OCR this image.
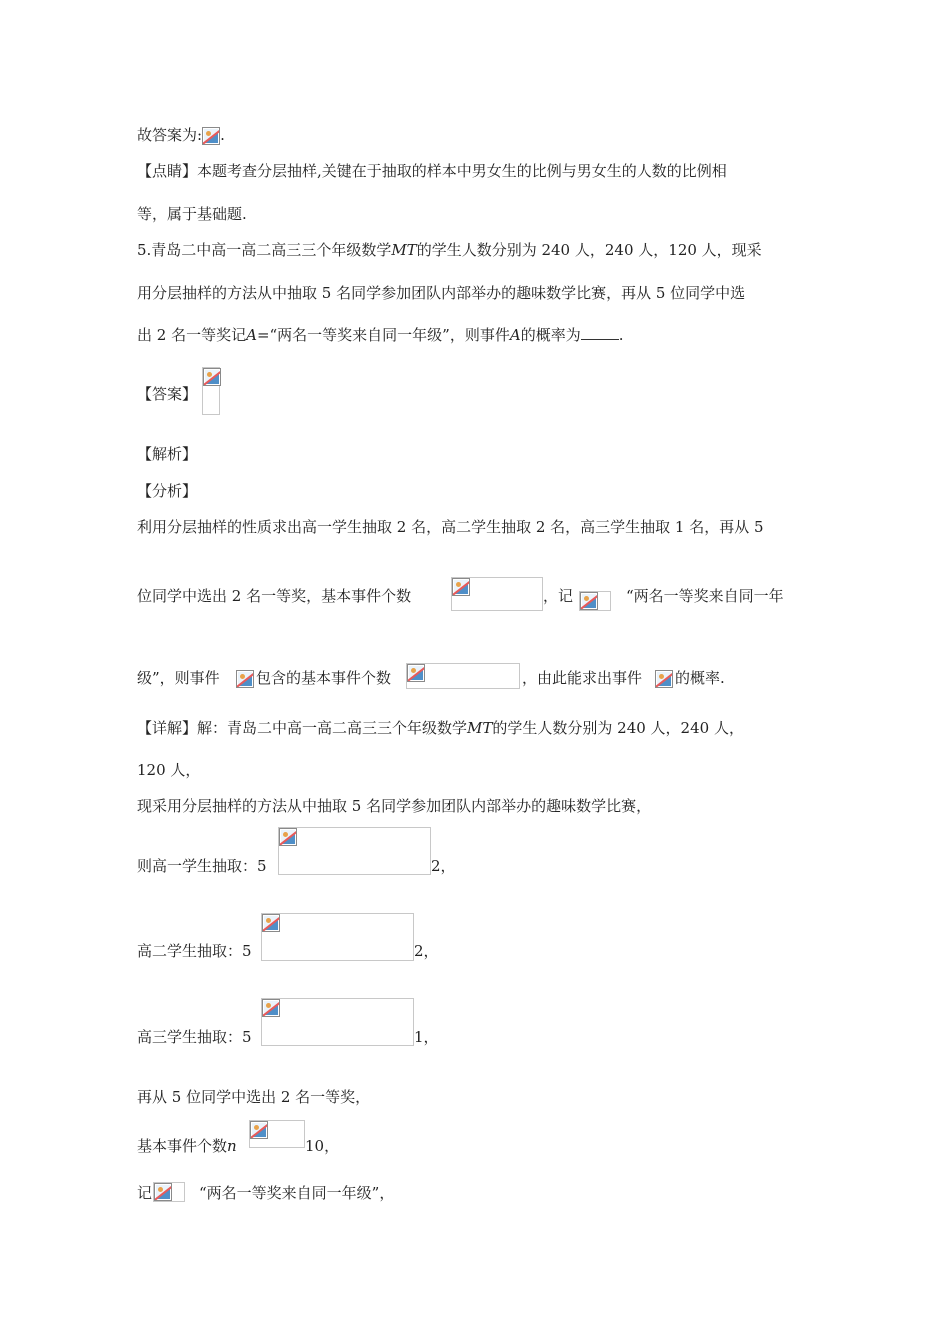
故答案为: .
【点睛】本题考查分层抽样,关键在于抽取的样本中男女生的比例与男女生的人数的比例相
等，属于基础题.
5.青岛二中高一高二高三三个年级数学MT的学生人数分别为 240 人，240 人，120 人，现采
用分层抽样的方法从中抽取 5 名同学参加团队内部举办的趣味数学比赛，再从 5 位同学中选
出 2 名一等奖记A=“两名一等奖来自同一年级”，则事件A的概率为	.
【答案】
【解析】
【分析】
利用分层抽样的性质求出高一学生抽取 2 名，高二学生抽取 2 名，高三学生抽取 1 名，再从 5
位同学中选出 2 名一等奖，基本事件个数	，记	“两名一等奖来自同一年
级”，则事件 包含的基本事件个数	，由此能求出事件 的概率.
【详解】解：青岛二中高一高二高三三个年级数学MT的学生人数分别为 240 人，240 人，
120 人，
现采用分层抽样的方法从中抽取 5 名同学参加团队内部举办的趣味数学比赛，
则高一学生抽取：5	2，
高二学生抽取：5	2，
高三学生抽取：5	1，
再从 5 位同学中选出 2 名一等奖，
基本事件个数n	10，
记	“两名一等奖来自同一年级”，
